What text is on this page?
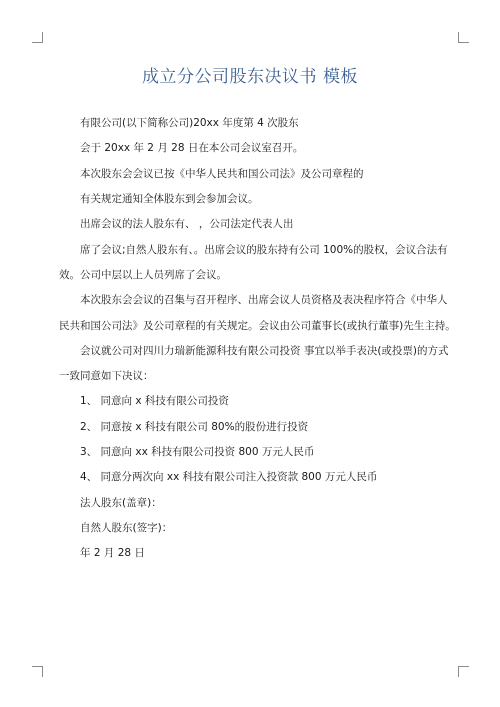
成立分公司股东决议书 模板

有限公司(以下简称公司)20xx 年度第 4 次股东

会于 20xx 年 2 月 28 日在本公司会议室召开。

本次股东会会议已按《中华人民共和国公司法》及公司章程的

有关规定通知全体股东到会参加会议。

出席会议的法人股东有、 ，公司法定代表人出

席了会议;自然人股东有、。出席会议的股东持有公司 100%的股权，会议合法有

效。公司中层以上人员列席了会议。

本次股东会会议的召集与召开程序、出席会议人员资格及表决程序符合《中华人

民共和国公司法》及公司章程的有关规定。会议由公司董事长(或执行董事)先生主持。

会议就公司对四川力瑞新能源科技有限公司投资 事宜以举手表决(或投票)的方式

一致同意如下决议：

1、 同意向 x 科技有限公司投资

2、 同意按 x 科技有限公司 80%的股份进行投资

3、 同意向 xx 科技有限公司投资 800 万元人民币

4、 同意分两次向 xx 科技有限公司注入投资款 800 万元人民币

法人股东(盖章)：

自然人股东(签字)：

年 2 月 28 日
